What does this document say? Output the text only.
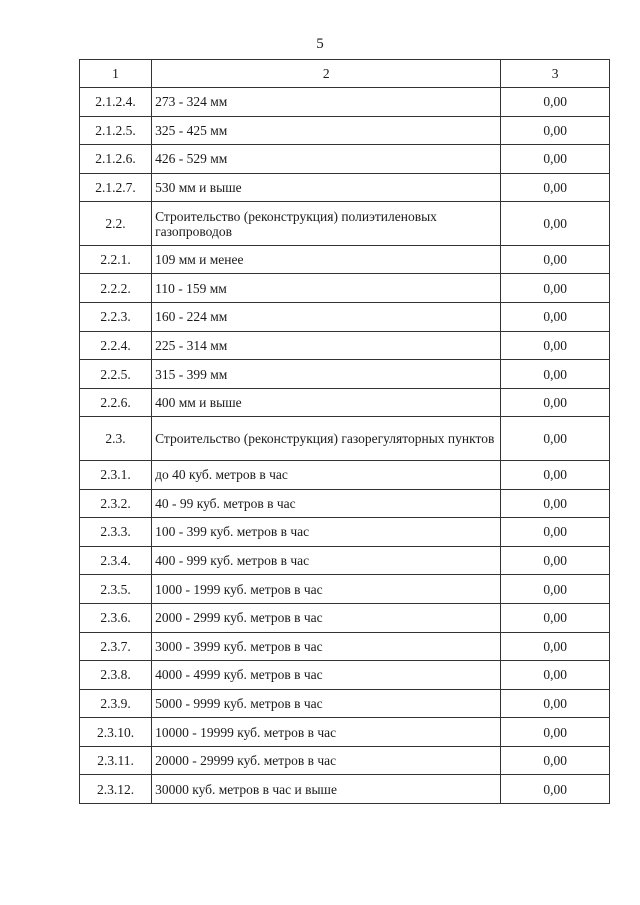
5
1	2	3
2.1.2.4.	273 - 324 мм	0,00
2.1.2.5.	325 - 425 мм	0,00
2.1.2.6.	426 - 529 мм	0,00
2.1.2.7.	530 мм и выше	0,00
2.2.	Строительство (реконструкция) полиэтиленовых газопроводов	0,00
2.2.1.	109 мм и менее	0,00
2.2.2.	110 - 159 мм	0,00
2.2.3.	160 - 224 мм	0,00
2.2.4.	225 - 314 мм	0,00
2.2.5.	315 - 399 мм	0,00
2.2.6.	400 мм и выше	0,00
2.3.	Строительство (реконструкция) газорегуляторных пунктов	0,00
2.3.1.	до 40 куб. метров в час	0,00
2.3.2.	40 - 99 куб. метров в час	0,00
2.3.3.	100 - 399 куб. метров в час	0,00
2.3.4.	400 - 999 куб. метров в час	0,00
2.3.5.	1000 - 1999 куб. метров в час	0,00
2.3.6.	2000 - 2999 куб. метров в час	0,00
2.3.7.	3000 - 3999 куб. метров в час	0,00
2.3.8.	4000 - 4999 куб. метров в час	0,00
2.3.9.	5000 - 9999 куб. метров в час	0,00
2.3.10.	10000 - 19999 куб. метров в час	0,00
2.3.11.	20000 - 29999 куб. метров в час	0,00
2.3.12.	30000 куб. метров в час и выше	0,00
